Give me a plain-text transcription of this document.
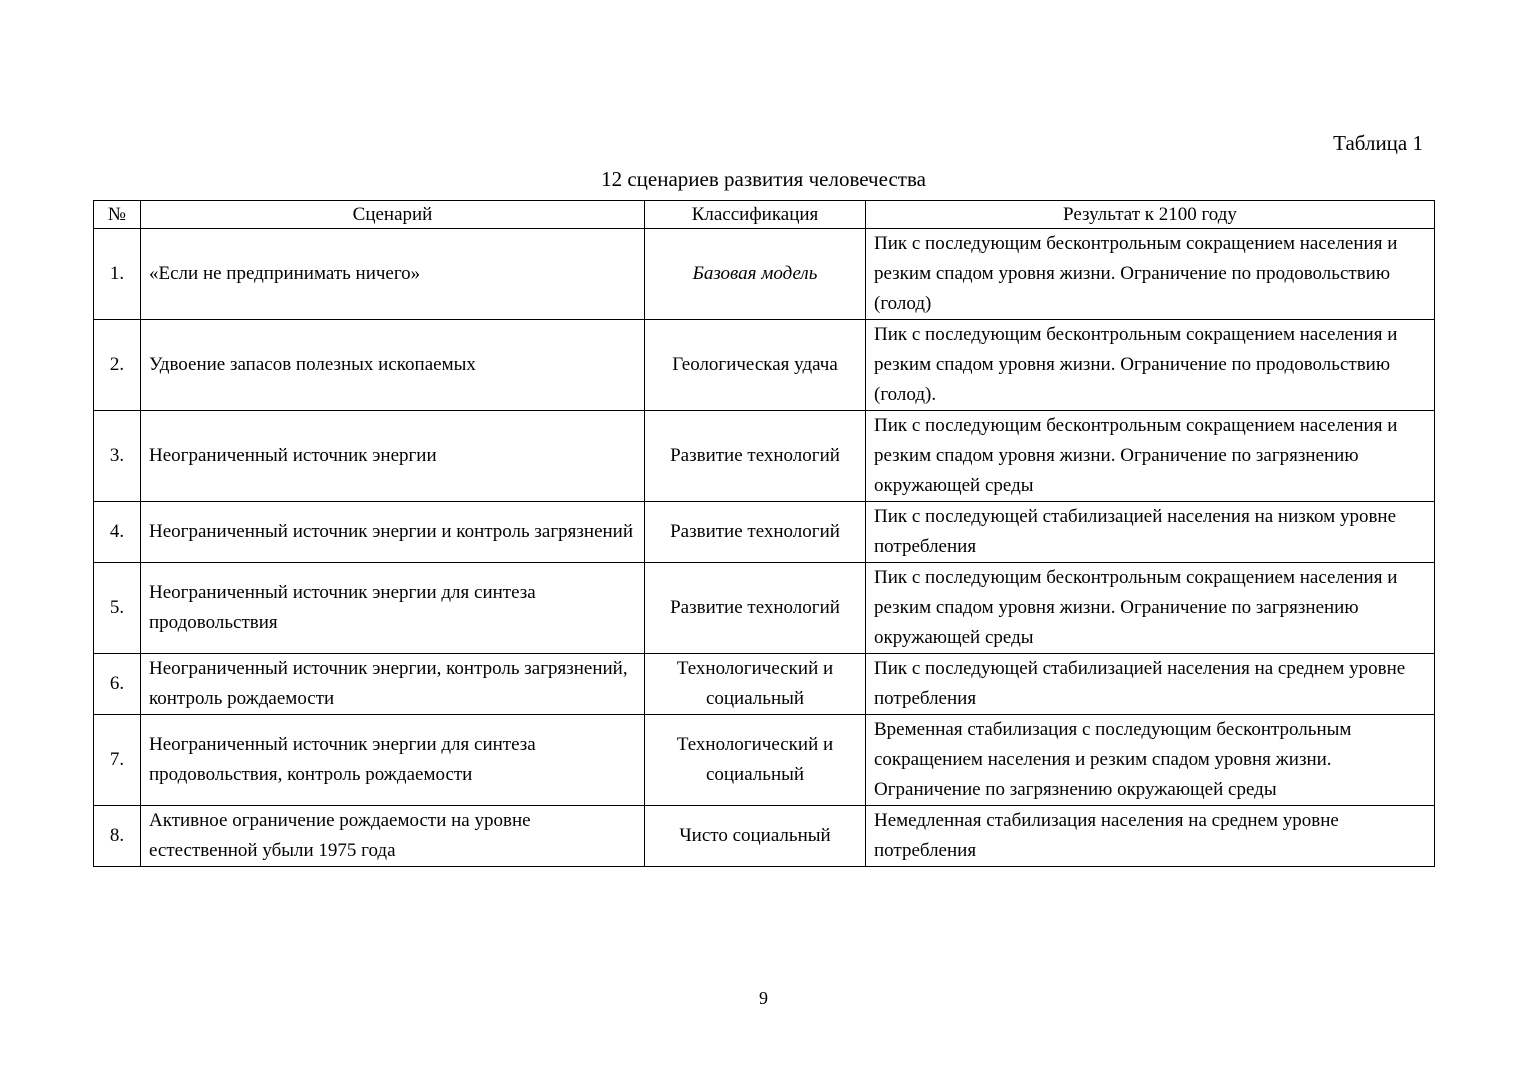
Таблица 1
12 сценариев развития человечества
№	Сценарий	Классификация	Результат к 2100 году
1.	«Если не предпринимать ничего»	Базовая модель	Пик с последующим бесконтрольным сокращением населения и резким спадом уровня жизни. Ограничение по продовольствию (голод)
2.	Удвоение запасов полезных ископаемых	Геологическая удача	Пик с последующим бесконтрольным сокращением населения и резким спадом уровня жизни. Ограничение по продовольствию (голод).
3.	Неограниченный источник энергии	Развитие технологий	Пик с последующим бесконтрольным сокращением населения и резким спадом уровня жизни. Ограничение по загрязнению окружающей среды
4.	Неограниченный источник энергии и контроль загрязнений	Развитие технологий	Пик с последующей стабилизацией населения на низком уровне потребления
5.	Неограниченный источник энергии для синтеза продовольствия	Развитие технологий	Пик с последующим бесконтрольным сокращением населения и резким спадом уровня жизни. Ограничение по загрязнению окружающей среды
6.	Неограниченный источник энергии, контроль загрязнений, контроль рождаемости	Технологический и социальный	Пик с последующей стабилизацией населения на среднем уровне потребления
7.	Неограниченный источник энергии для синтеза продовольствия, контроль рождаемости	Технологический и социальный	Временная стабилизация с последующим бесконтрольным сокращением населения и резким спадом уровня жизни. Ограничение по загрязнению окружающей среды
8.	Активное ограничение рождаемости на уровне естественной убыли 1975 года	Чисто социальный	Немедленная стабилизация населения на среднем уровне потребления
9
